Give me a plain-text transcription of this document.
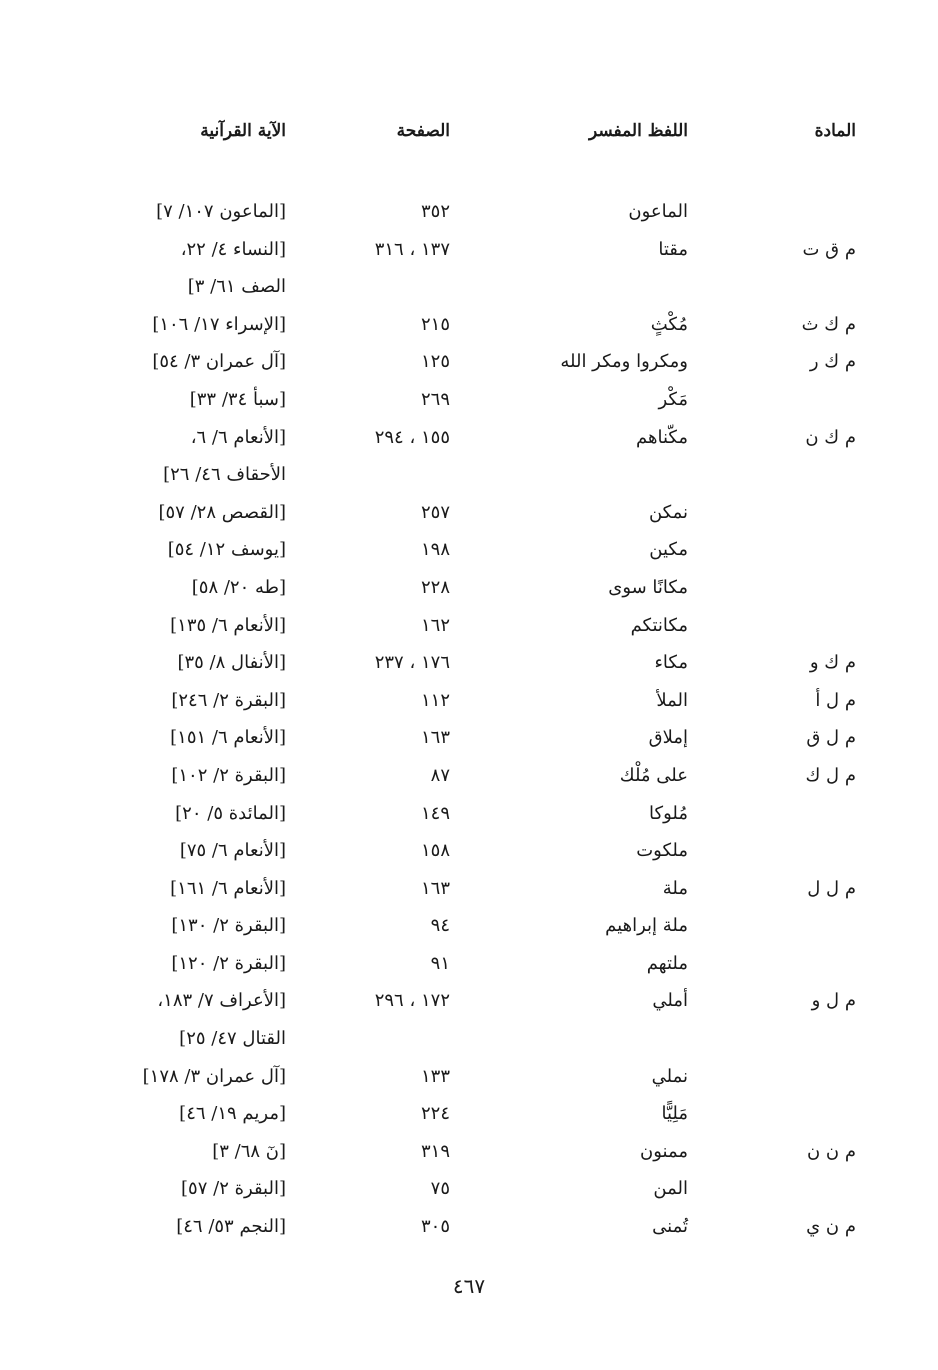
المادة
اللفظ المفسر
الصفحة
الآية القرآنية
الماعون
٣٥٢
[الماعون ١٠٧/ ٧]
م ق ت
مقتا
١٣٧ ، ٣١٦
[النساء ٤/ ٢٢،
الصف ٦١/ ٣]
م ك ث
مُكْثٍ
٢١٥
[الإسراء ١٧/ ١٠٦]
م ك ر
ومكروا ومكر الله
١٢٥
[آل عمران ٣/ ٥٤]
مَكْر
٢٦٩
[سبأ ٣٤/ ٣٣]
م ك ن
مكّناهم
١٥٥ ، ٢٩٤
[الأنعام ٦/ ٦،
الأحقاف ٤٦/ ٢٦]
نمكن
٢٥٧
[القصص ٢٨/ ٥٧]
مكين
١٩٨
[يوسف ١٢/ ٥٤]
مكانًا سوى
٢٢٨
[طه ٢٠/ ٥٨]
مكانتكم
١٦٢
[الأنعام ٦/ ١٣٥]
م ك و
مكاء
١٧٦ ، ٢٣٧
[الأنفال ٨/ ٣٥]
م ل أ
الملأ
١١٢
[البقرة ٢/ ٢٤٦]
م ل ق
إملاق
١٦٣
[الأنعام ٦/ ١٥١]
م ل ك
على مُلْك
٨٧
[البقرة ٢/ ١٠٢]
مُلوكا
١٤٩
[المائدة ٥/ ٢٠]
ملكوت
١٥٨
[الأنعام ٦/ ٧٥]
م ل ل
ملة
١٦٣
[الأنعام ٦/ ١٦١]
ملة إبراهيم
٩٤
[البقرة ٢/ ١٣٠]
ملتهم
٩١
[البقرة ٢/ ١٢٠]
م ل و
أملي
١٧٢ ، ٢٩٦
[الأعراف ٧/ ١٨٣،
القتال ٤٧/ ٢٥]
نملي
١٣٣
[آل عمران ٣/ ١٧٨]
مَلِيًّا
٢٢٤
[مريم ١٩/ ٤٦]
م ن ن
ممنون
٣١٩
[نٓ ٦٨/ ٣]
المن
٧٥
[البقرة ٢/ ٥٧]
م ن ي
تُمنى
٣٠٥
[النجم ٥٣/ ٤٦]
٤٦٧
